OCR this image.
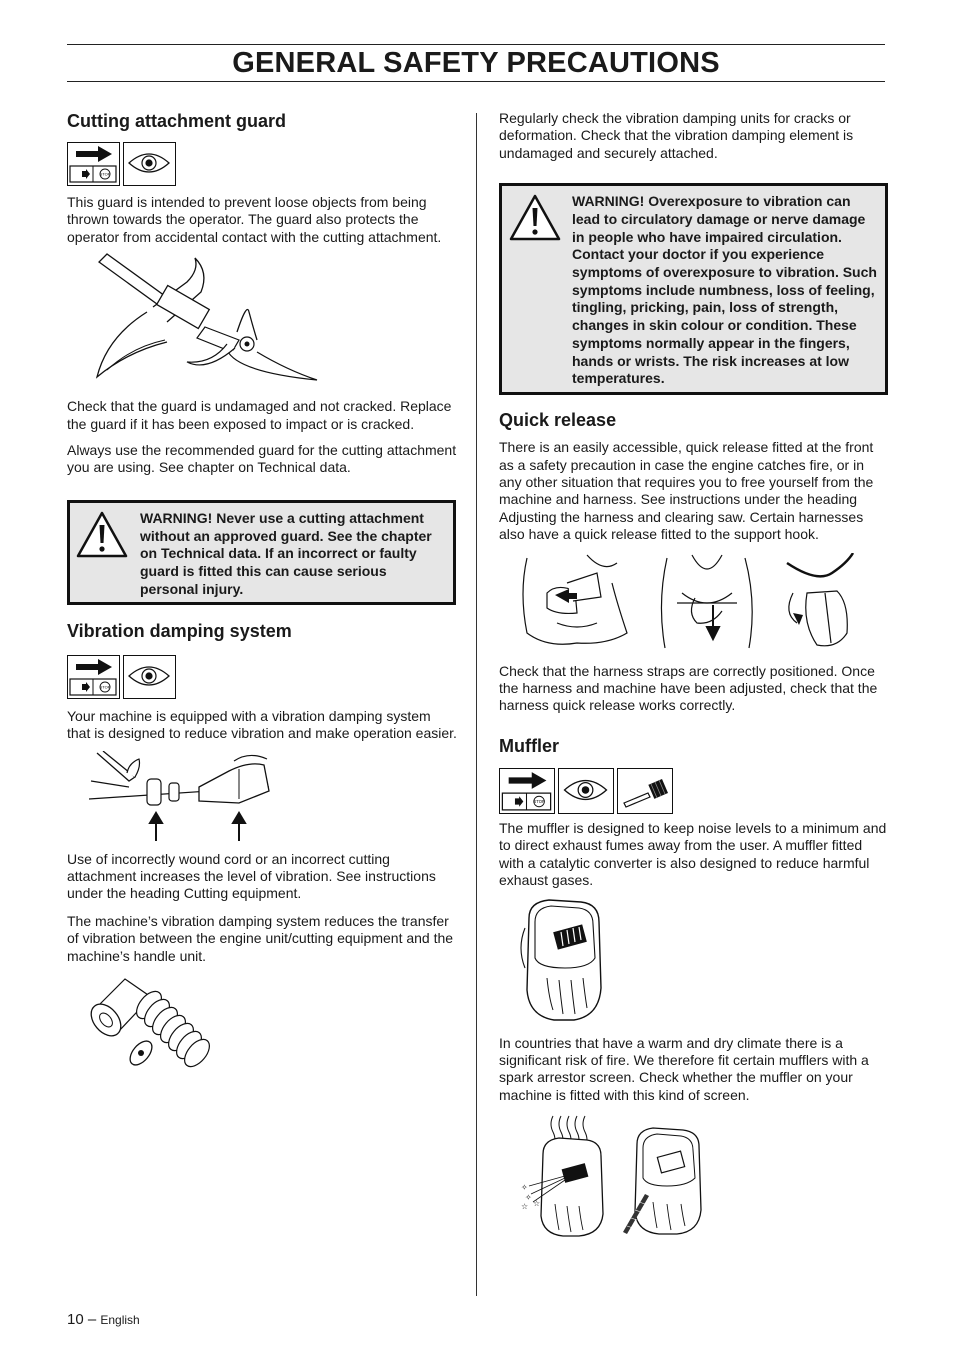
GENERAL SAFETY PRECAUTIONS
Cutting attachment guard
STOP

This guard is intended to prevent loose objects from being thrown towards the operator. The guard also protects the operator from accidental contact with the cutting attachment.

Check that the guard is undamaged and not cracked. Replace the guard if it has been exposed to impact or is cracked.

Always use the recommended guard for the cutting attachment you are using. See chapter on Technical data.

WARNING! Never use a cutting attachment without an approved guard. See the chapter on Technical data. If an incorrect or faulty guard is fitted this can cause serious personal injury.
Vibration damping system
STOP

Your machine is equipped with a vibration damping system that is designed to reduce vibration and make operation easier.

Use of incorrectly wound cord or an incorrect cutting attachment increases the level of vibration. See instructions under the heading Cutting equipment.

The machine’s vibration damping system reduces the transfer of vibration between the engine unit/cutting equipment and the machine’s handle unit.

Regularly check the vibration damping units for cracks or deformation. Check that the vibration damping element is undamaged and securely attached.

WARNING! Overexposure to vibration can lead to circulatory damage or nerve damage in people who have impaired circulation. Contact your doctor if you experience symptoms of overexposure to vibration. Such symptoms include numbness, loss of feeling, tingling, pricking, pain, loss of strength, changes in skin colour or condition. These symptoms normally appear in the fingers, hands or wrists. The risk increases at low temperatures.
Quick release

There is an easily accessible, quick release fitted at the front as a safety precaution in case the engine catches fire, or in any other situation that requires you to free yourself from the machine and harness. See instructions under the heading Adjusting the harness and clearing saw. Certain harnesses also have a quick release fitted to the support hook.

Check that the harness straps are correctly positioned. Once the harness and machine have been adjusted, check that the harness quick release works correctly.

Muffler
STOP

The muffler is designed to keep noise levels to a minimum and to direct exhaust fumes away from the user. A muffler fitted with a catalytic converter is also designed to reduce harmful exhaust gases.

In countries that have a warm and dry climate there is a significant risk of fire. We therefore fit certain mufflers with a spark arrestor screen. Check whether the muffler on your machine is fitted with this kind of screen.

✧
✧
☆ ☆
10 – English
